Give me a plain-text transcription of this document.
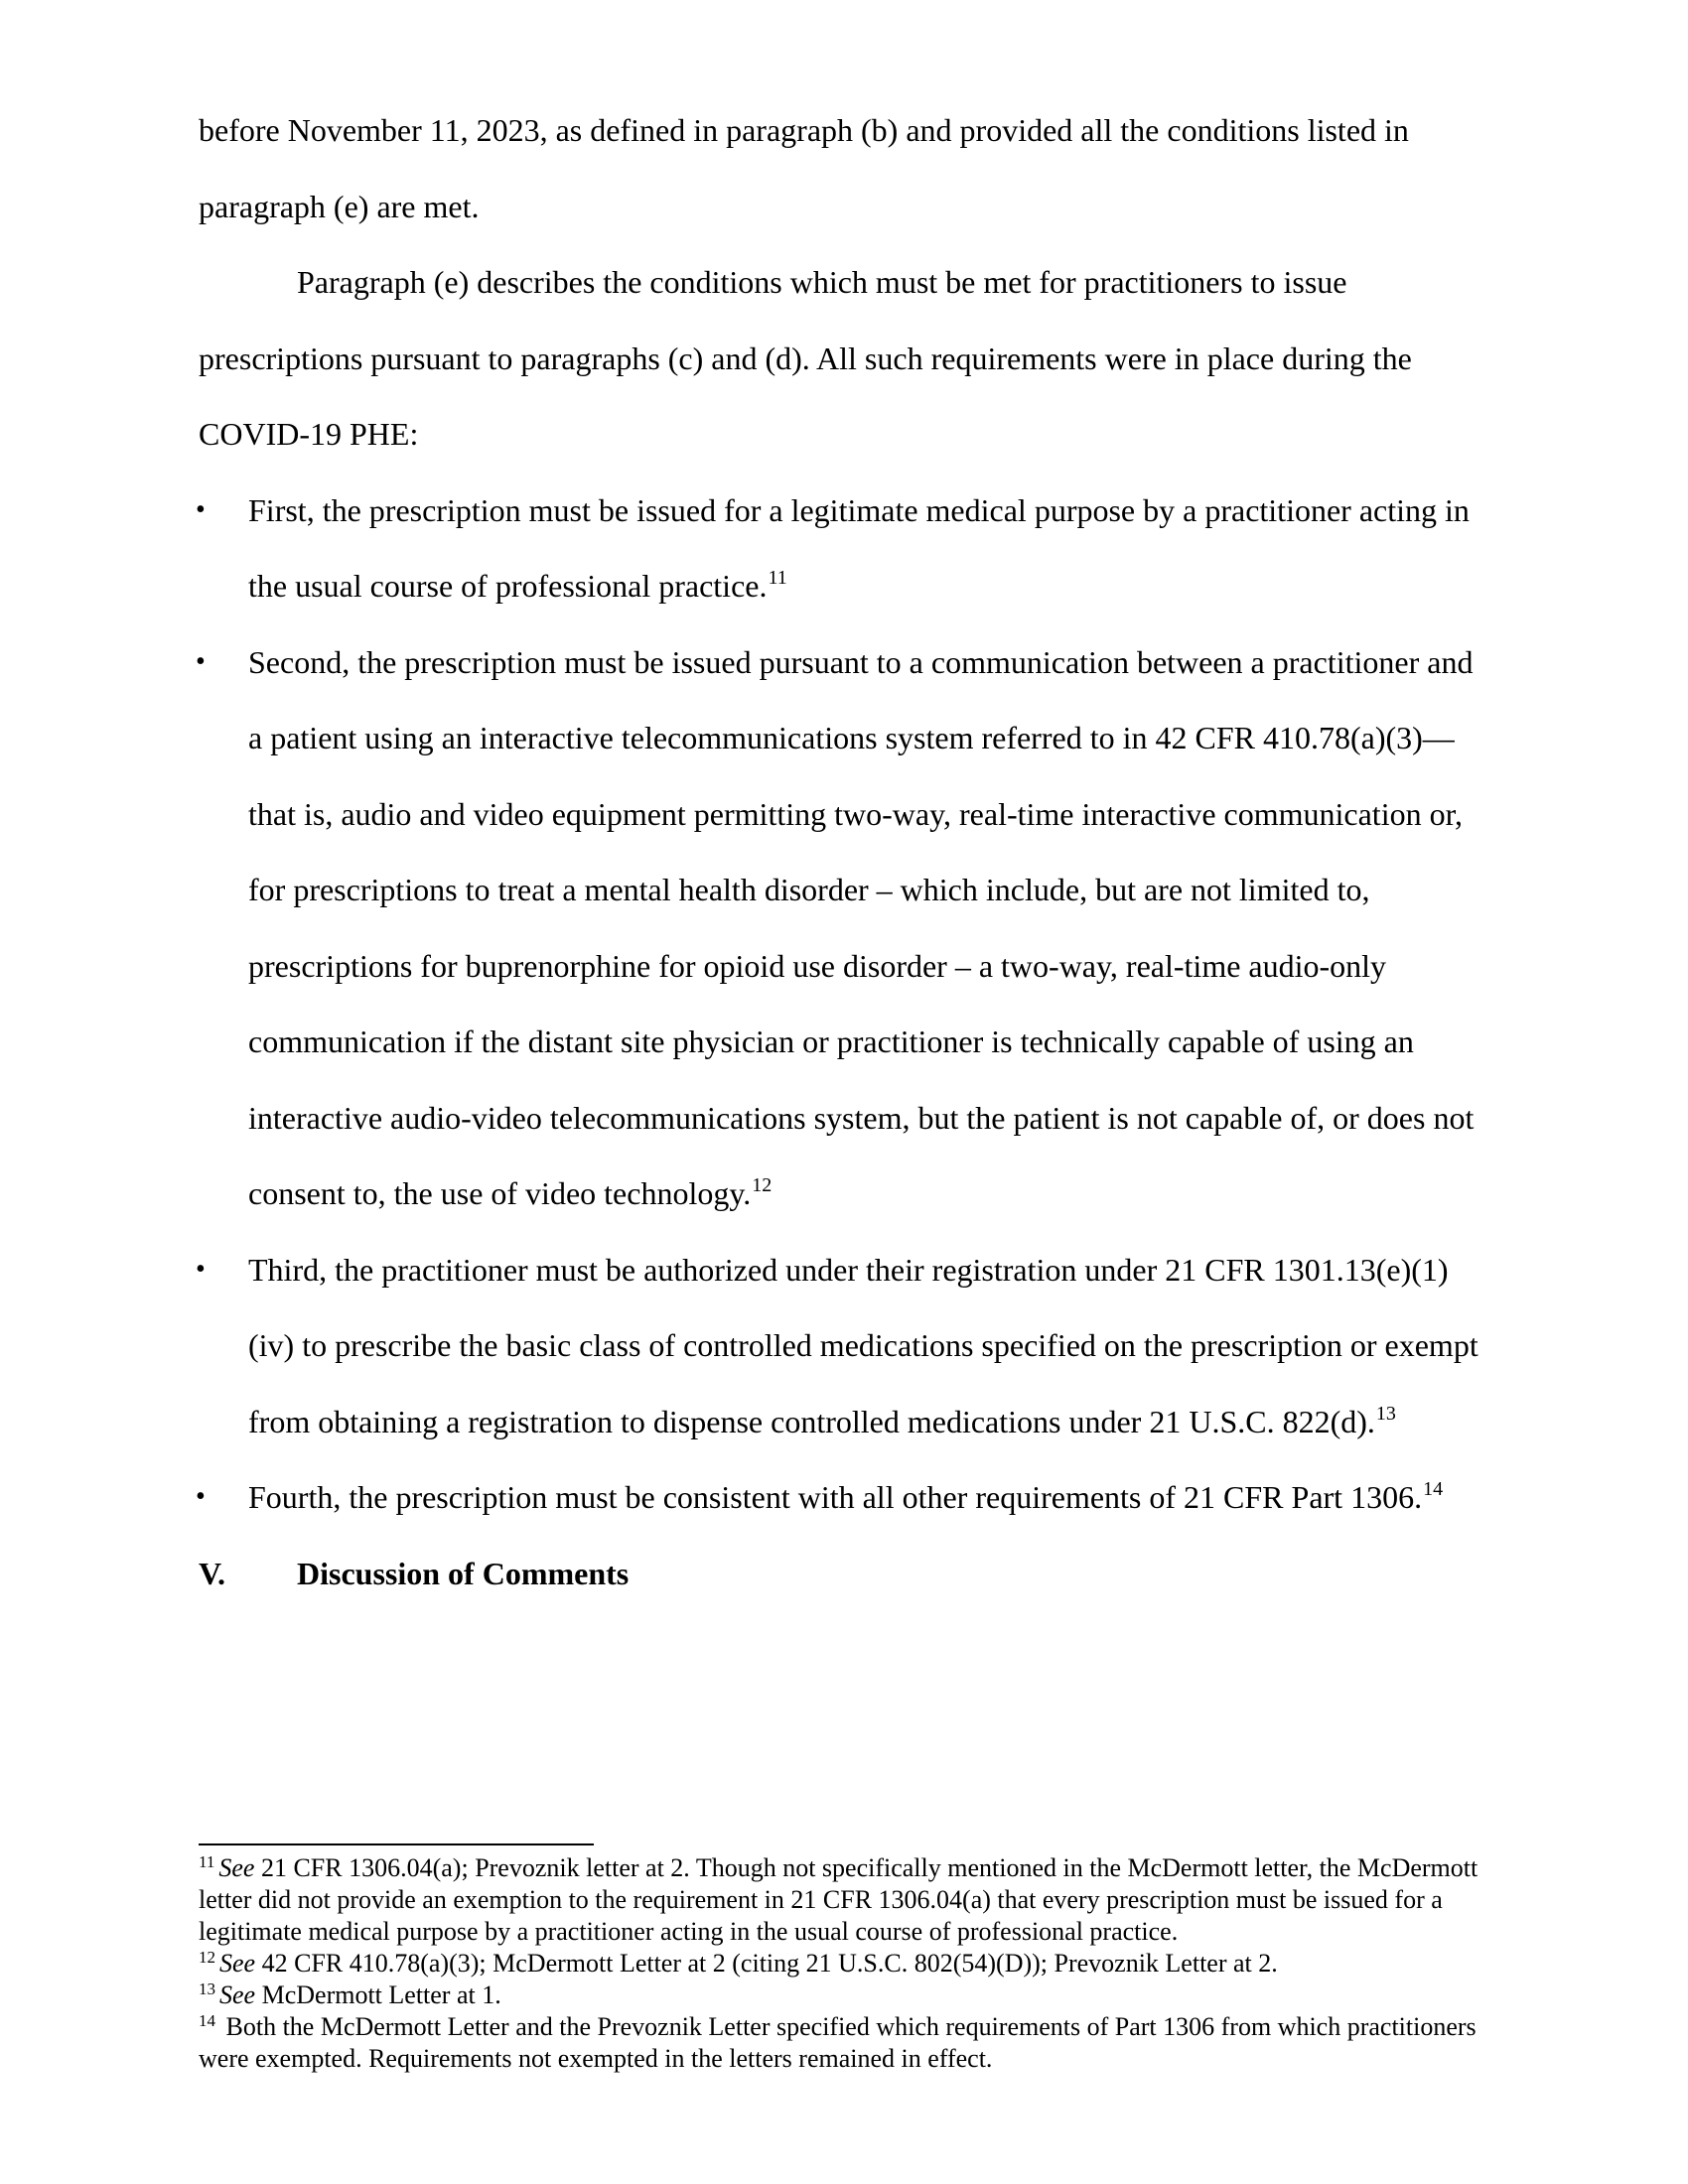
before November 11, 2023, as defined in paragraph (b) and provided all the conditions listed in paragraph (e) are met.

Paragraph (e) describes the conditions which must be met for practitioners to issue prescriptions pursuant to paragraphs (c) and (d). All such requirements were in place during the COVID-19 PHE:

•	First, the prescription must be issued for a legitimate medical purpose by a practitioner acting in the usual course of professional practice.$^{11}$
•	Second, the prescription must be issued pursuant to a communication between a practitioner and a patient using an interactive telecommunications system referred to in 42 CFR 410.78(a)(3)—that is, audio and video equipment permitting two-way, real-time interactive communication or, for prescriptions to treat a mental health disorder – which include, but are not limited to, prescriptions for buprenorphine for opioid use disorder – a two-way, real-time audio-only communication if the distant site physician or practitioner is technically capable of using an interactive audio-video telecommunications system, but the patient is not capable of, or does not consent to, the use of video technology.$^{12}$
•	Third, the practitioner must be authorized under their registration under 21 CFR 1301.13(e)(1)(iv) to prescribe the basic class of controlled medications specified on the prescription or exempt from obtaining a registration to dispense controlled medications under 21 U.S.C. 822(d).$^{13}$
•	Fourth, the prescription must be consistent with all other requirements of 21 CFR Part 1306.14

V. Discussion of Comments

$^{11}$ See 21 CFR 1306.04(a); Prevoznik letter at 2. Though not specifically mentioned in the McDermott letter, the McDermott letter did not provide an exemption to the requirement in 21 CFR 1306.04(a) that every prescription must be issued for a legitimate medical purpose by a practitioner acting in the usual course of professional practice.

$^{12}$ See 42 CFR 410.78(a)(3); McDermott Letter at 2 (citing 21 U.S.C. 802(54)(D)); Prevoznik Letter at 2.

$^{13}$ See McDermott Letter at 1.

$^{14}$ Both the McDermott Letter and the Prevoznik Letter specified which requirements of Part 1306 from which practitioners were exempted. Requirements not exempted in the letters remained in effect.
